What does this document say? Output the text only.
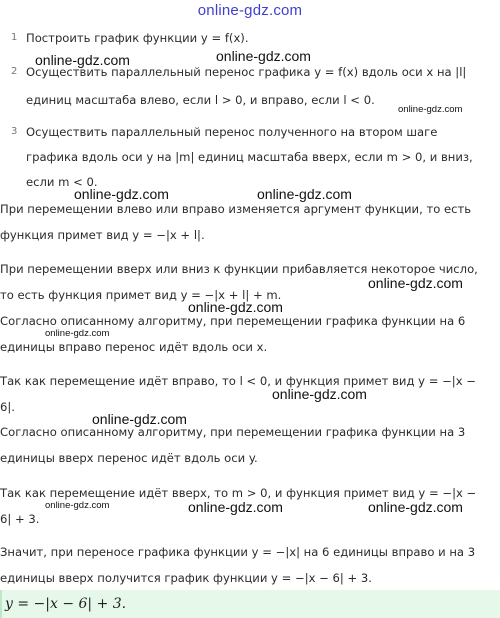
online-gdz.com
1 Построить график функции y = f(x).
2 Осуществить параллельный перенос графика y = f(x) вдоль оси x на |l|
единиц масштаба влево, если l > 0, и вправо, если l < 0.
3 Осуществить параллельный перенос полученного на втором шаге
графика вдоль оси y на |m| единиц масштаба вверх, если m > 0, и вниз,
если m < 0.
При перемещении влево или вправо изменяется аргумент функции, то есть
функция примет вид y = −|x + l|.
При перемещении вверх или вниз к функции прибавляется некоторое число,
то есть функция примет вид y = −|x + l| + m.
Согласно описанному алгоритму, при перемещении графика функции на 6
единицы вправо перенос идёт вдоль оси x.
Так как перемещение идёт вправо, то l < 0, и функция примет вид y = −|x −
6|.
Согласно описанному алгоритму, при перемещении графика функции на 3
единицы вверх перенос идёт вдоль оси y.
Так как перемещение идёт вверх, то m > 0, и функция примет вид y = −|x −
6| + 3.
Значит, при переносе графика функции y = −|x| на 6 единицы вправо и на 3
единицы вверх получится график функции y = −|x − 6| + 3.
y = −|x − 6| + 3.
online-gdz.com	online-gdz.com
online-gdz.com
online-gdz.com	online-gdz.com
online-gdz.com
online-gdz.com
online-gdz.com
online-gdz.com
online-gdz.com
online-gdz.com	online-gdz.com	online-gdz.com
